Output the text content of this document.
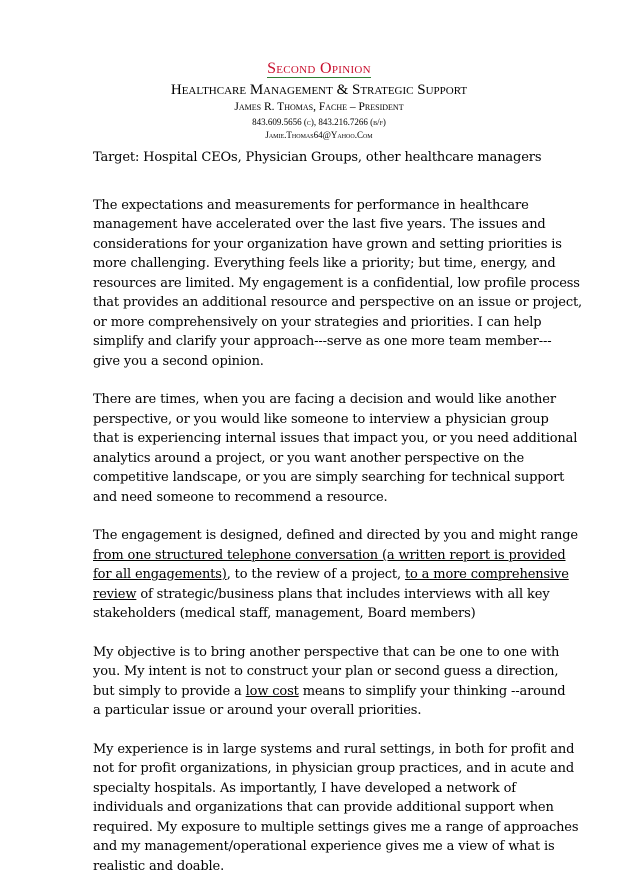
Second Opinion
Healthcare Management & Strategic Support
James R. Thomas, Fache – President
843.609.5656 (c), 843.216.7266 (b/f)
Jamie.Thomas64@Yahoo.Com

Target: Hospital CEOs, Physician Groups, other healthcare managers

The expectations and measurements for performance in healthcare
management have accelerated over the last five years. The issues and
considerations for your organization have grown and setting priorities is
more challenging. Everything feels like a priority; but time, energy, and
resources are limited. My engagement is a confidential, low profile process
that provides an additional resource and perspective on an issue or project,
or more comprehensively on your strategies and priorities. I can help
simplify and clarify your approach---serve as one more team member---
give you a second opinion.

There are times, when you are facing a decision and would like another
perspective, or you would like someone to interview a physician group
that is experiencing internal issues that impact you, or you need additional
analytics around a project, or you want another perspective on the
competitive landscape, or you are simply searching for technical support
and need someone to recommend a resource.

The engagement is designed, defined and directed by you and might range
from one structured telephone conversation (a written report is provided
for all engagements), to the review of a project, to a more comprehensive
review of strategic/business plans that includes interviews with all key
stakeholders (medical staff, management, Board members)

My objective is to bring another perspective that can be one to one with
you. My intent is not to construct your plan or second guess a direction,
but simply to provide a low cost means to simplify your thinking --around
a particular issue or around your overall priorities.

My experience is in large systems and rural settings, in both for profit and
not for profit organizations, in physician group practices, and in acute and
specialty hospitals. As importantly, I have developed a network of
individuals and organizations that can provide additional support when
required. My exposure to multiple settings gives me a range of approaches
and my management/operational experience gives me a view of what is
realistic and doable.
